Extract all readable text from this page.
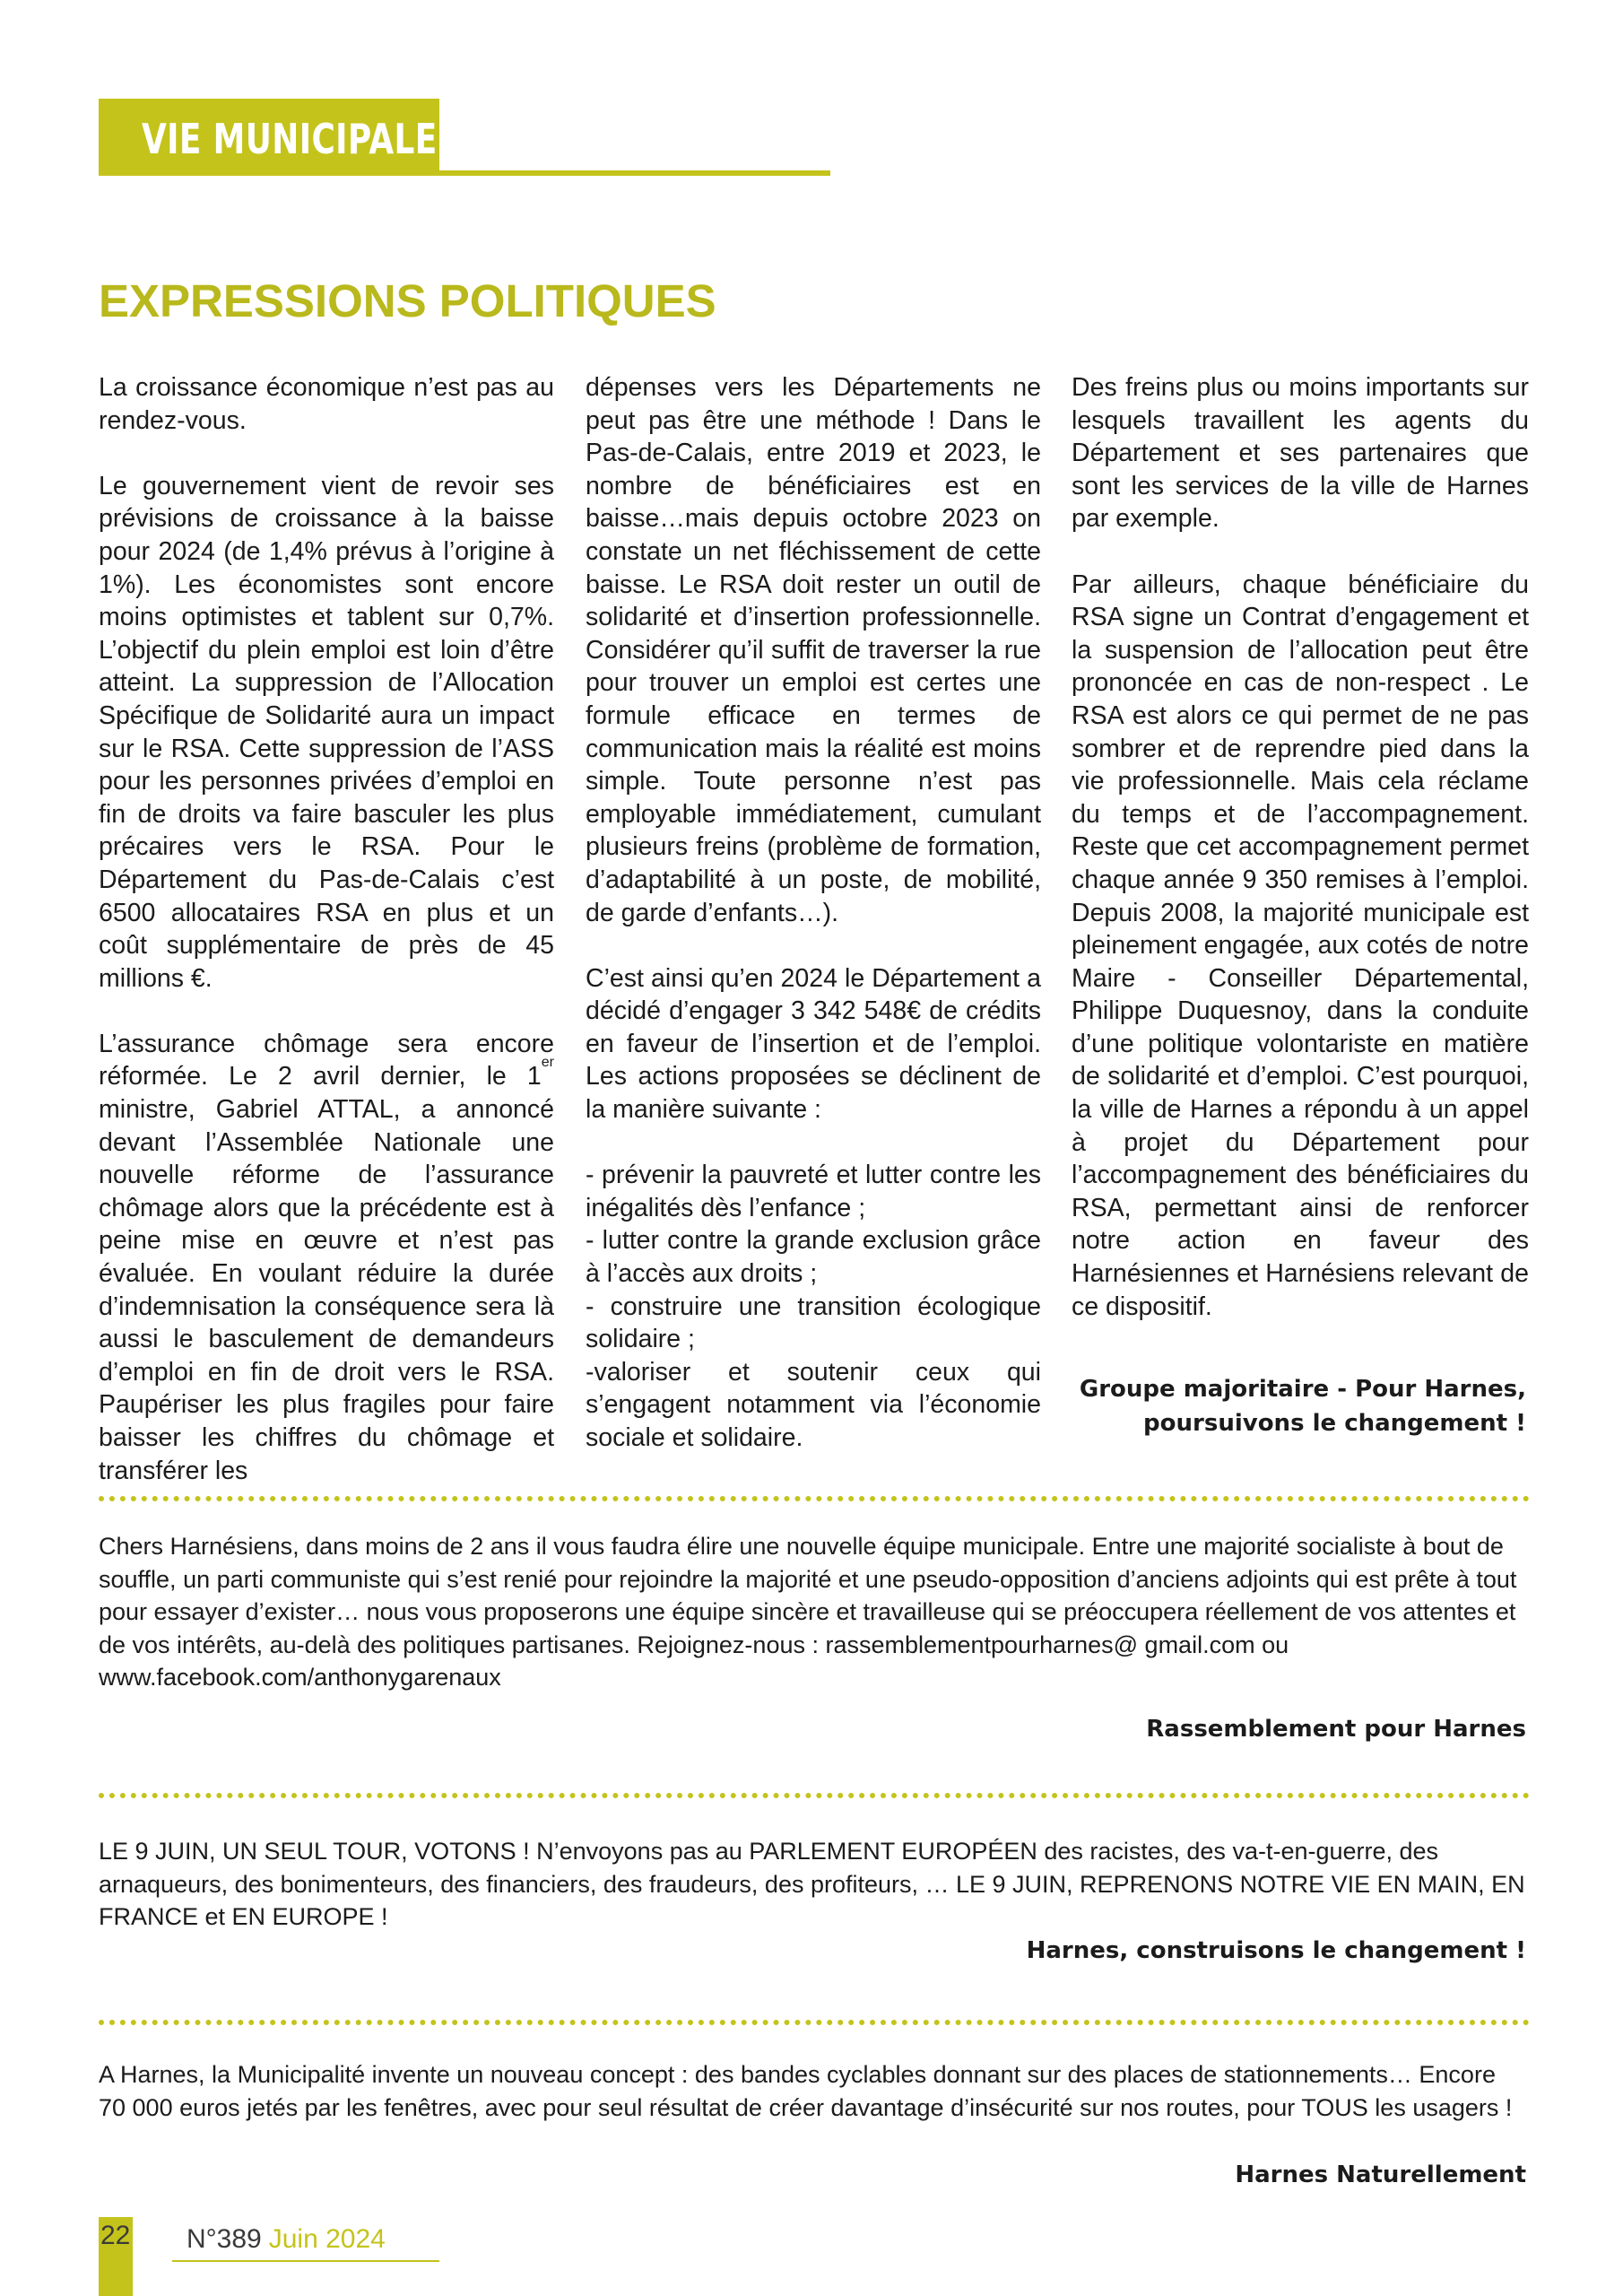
VIE MUNICIPALE
EXPRESSIONS POLITIQUES

La croissance économique n’est pas au rendez-vous.

Le gouvernement vient de revoir ses prévisions de croissance à la baisse pour 2024 (de 1,4% prévus à l’origine à 1%). Les économistes sont encore moins optimistes et tablent sur 0,7%. L’objectif du plein emploi est loin d’être atteint. La suppression de l’Allocation Spécifique de Solidarité aura un impact sur le RSA. Cette suppression de l’ASS pour les personnes privées d’emploi en fin de droits va faire basculer les plus précaires vers le RSA. Pour le Département du Pas-de-Calais c’est 6500 allocataires RSA en plus et un coût supplémentaire de près de 45 millions €.

L’assurance chômage sera encore réformée. Le 2 avril dernier, le 1er ministre, Gabriel ATTAL, a annoncé devant l’Assemblée Nationale une nouvelle réforme de l’assurance chômage alors que la précédente est à peine mise en œuvre et n’est pas évaluée. En voulant réduire la durée d’indemnisation la conséquence sera là aussi le basculement de demandeurs d’emploi en fin de droit vers le RSA. Paupériser les plus fragiles pour faire baisser les chiffres du chômage et transférer les

dépenses vers les Départements ne peut pas être une méthode ! Dans le Pas-de-Calais, entre 2019 et 2023, le nombre de bénéficiaires est en baisse…mais depuis octobre 2023 on constate un net fléchissement de cette baisse. Le RSA doit rester un outil de solidarité et d’insertion professionnelle. Considérer qu’il suffit de traverser la rue pour trouver un emploi est certes une formule efficace en termes de communication mais la réalité est moins simple. Toute personne n’est pas employable immédiatement, cumulant plusieurs freins (problème de formation, d’adaptabilité à un poste, de mobilité, de garde d’enfants…).

C’est ainsi qu’en 2024 le Département a décidé d’engager 3 342 548€ de crédits en faveur de l’insertion et de l’emploi. Les actions proposées se déclinent de la manière suivante :

- prévenir la pauvreté et lutter contre les inégalités dès l’enfance ;
- lutter contre la grande exclusion grâce à l’accès aux droits ;
- construire une transition écologique solidaire ;
-valoriser et soutenir ceux qui s’engagent notamment via l’économie sociale et solidaire.

Des freins plus ou moins importants sur lesquels travaillent les agents du Département et ses partenaires que sont les services de la ville de Harnes par exemple.

Par ailleurs, chaque bénéficiaire du RSA signe un Contrat d’engagement et la suspension de l’allocation peut être prononcée en cas de non-respect . Le RSA est alors ce qui permet de ne pas sombrer et de reprendre pied dans la vie professionnelle. Mais cela réclame du temps et de l’accompagnement. Reste que cet accompagnement permet chaque année 9 350 remises à l’emploi. Depuis 2008, la majorité municipale est pleinement engagée, aux cotés de notre Maire - Conseiller Départemental, Philippe Duquesnoy, dans la conduite d’une politique volontariste en matière de solidarité et d’emploi. C’est pourquoi, la ville de Harnes a répondu à un appel à projet du Département pour l’accompagnement des bénéficiaires du RSA, permettant ainsi de renforcer notre action en faveur des Harnésiennes et Harnésiens relevant de ce dispositif.

Groupe majoritaire - Pour Harnes,
poursuivons le changement !
Chers Harnésiens, dans moins de 2 ans il vous faudra élire une nouvelle équipe municipale. Entre une majorité socialiste à bout de souffle, un parti communiste qui s’est renié pour rejoindre la majorité et une pseudo-opposition d’anciens adjoints qui est prête à tout pour essayer d’exister… nous vous proposerons une équipe sincère et travailleuse qui se préoccupera réellement de vos attentes et de vos intérêts, au-delà des politiques partisanes. Rejoignez-nous : rassemblementpourharnes@ gmail.com ou www.facebook.com/anthonygarenaux
Rassemblement pour Harnes
LE 9 JUIN, UN SEUL TOUR, VOTONS ! N’envoyons pas au PARLEMENT EUROPÉEN des racistes, des va-t-en-guerre, des arnaqueurs, des bonimenteurs, des financiers, des fraudeurs, des profiteurs, … LE 9 JUIN, REPRENONS NOTRE VIE EN MAIN, EN FRANCE et EN EUROPE !
Harnes, construisons le changement !
A Harnes, la Municipalité invente un nouveau concept : des bandes cyclables donnant sur des places de stationnements… Encore 70 000 euros jetés par les fenêtres, avec pour seul résultat de créer davantage d’insécurité sur nos routes, pour TOUS les usagers !
Harnes Naturellement
22 N°389 Juin 2024
